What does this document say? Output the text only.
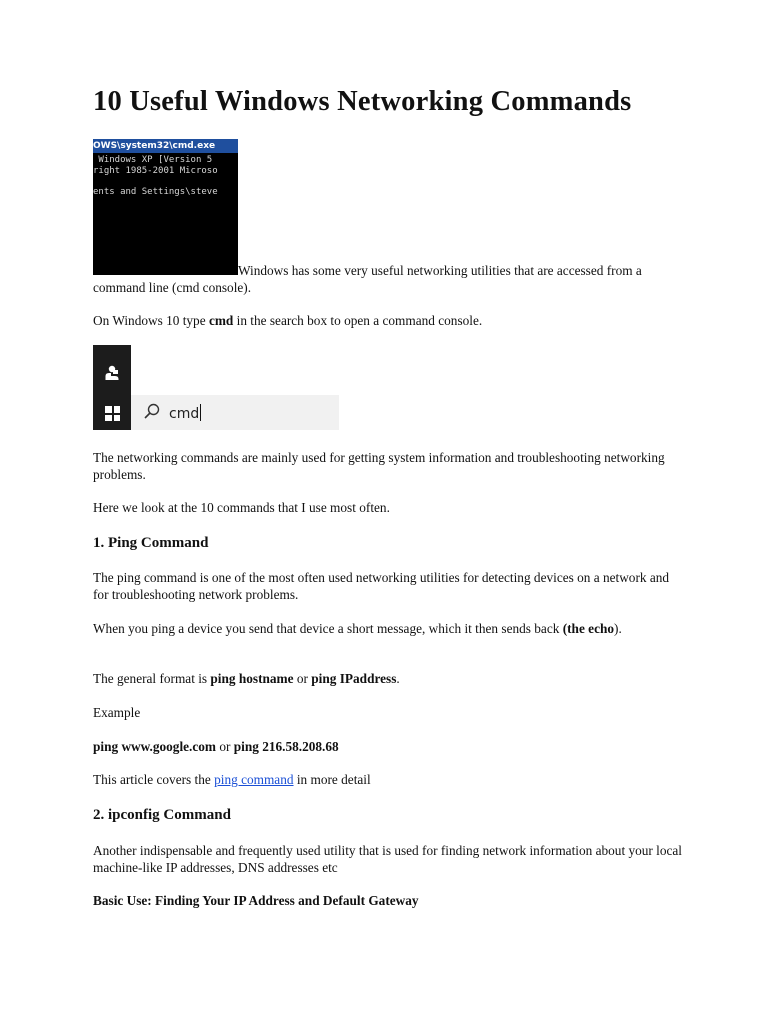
10 Useful Windows Networking Commands
OWS\system32\cmd.exe
Windows XP [Version 5
right 1985-2001 Microso

ents and Settings\steve

Windows has some very useful networking utilities that are accessed from a command line (cmd console).

On Windows 10 type cmd in the search box to open a command console.

cmd

The networking commands are mainly used for getting system information and troubleshooting networking problems.

Here we look at the 10 commands that I use most often.

1. Ping Command

The ping command is one of the most often used networking utilities for detecting devices on a network and for troubleshooting network problems.

When you ping a device you send that device a short message, which it then sends back (the echo).

The general format is ping hostname or ping IPaddress.

Example

ping www.google.com or ping 216.58.208.68

This article covers the ping command in more detail

2. ipconfig Command

Another indispensable and frequently used utility that is used for finding network information about your local machine-like IP addresses, DNS addresses etc

Basic Use: Finding Your IP Address and Default Gateway
